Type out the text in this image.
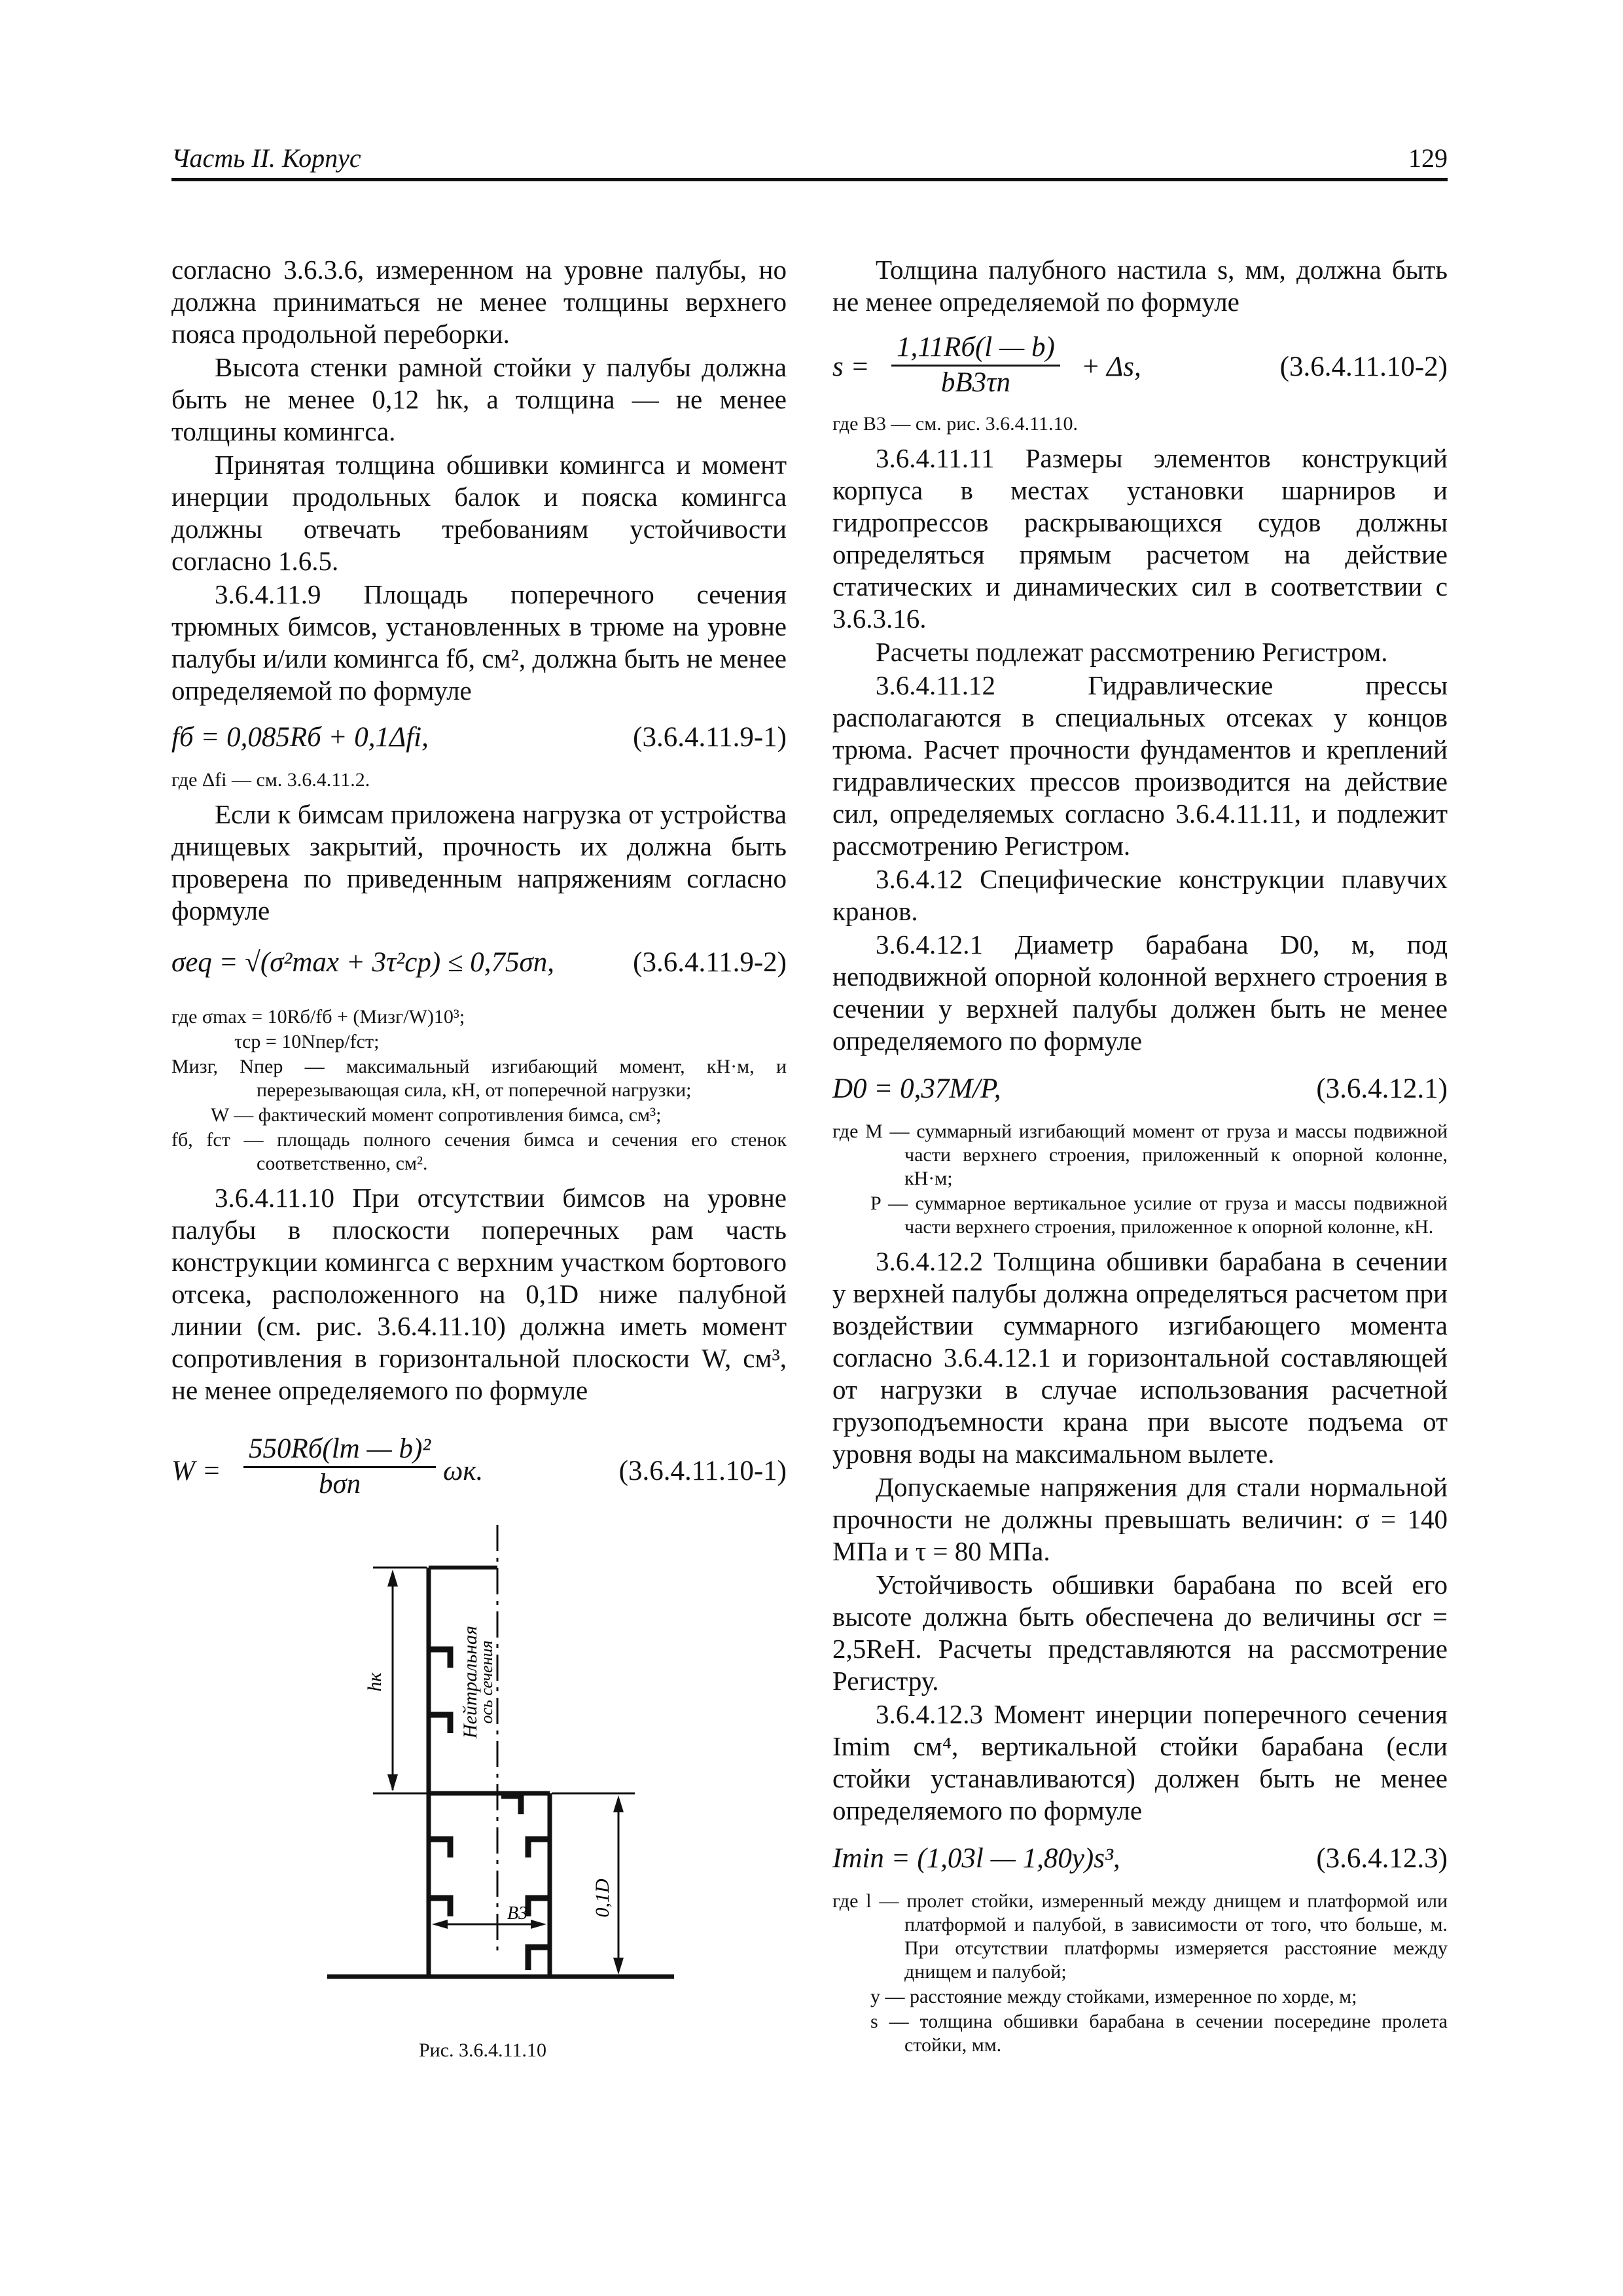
Часть II. Корпус	129

согласно 3.6.3.6, измеренном на уровне палубы, но должна приниматься не менее толщины верхнего пояса продольной переборки.

Высота стенки рамной стойки у палубы должна быть не менее 0,12 hк, а толщина — не менее толщины комингса.

Принятая толщина обшивки комингса и момент инерции продольных балок и пояска комингса должны отвечать требованиям устойчивости согласно 1.6.5.

3.6.4.11.9 Площадь поперечного сечения трюмных бимсов, установленных в трюме на уровне палубы и/или комингса fб, см², должна быть не менее определяемой по формуле

fб = 0,085Rб + 0,1Δfi,	(3.6.4.11.9-1)

где Δfi — см. 3.6.4.11.2.

Если к бимсам приложена нагрузка от устройства днищевых закрытий, прочность их должна быть проверена по приведенным напряжениям согласно формуле

σeq = √(σ²max + 3τ²ср) ≤ 0,75σn,	(3.6.4.11.9-2)

где σmax = 10Rб/fб + (Mизг/W)10³;

τср = 10Nпер/fст;

Mизг, Nпер — максимальный изгибающий момент, кН·м, и перерезывающая сила, кН, от поперечной нагрузки;

W — фактический момент сопротивления бимса, см³;

fб, fст — площадь полного сечения бимса и сечения его стенок соответственно, см².

3.6.4.11.10 При отсутствии бимсов на уровне палубы в плоскости поперечных рам часть конструкции комингса с верхним участком бортового отсека, расположенного на 0,1D ниже палубной линии (см. рис. 3.6.4.11.10) должна иметь момент сопротивления в горизонтальной плоскости W, см³, не менее определяемого по формуле

W =
550Rб(lт — b)²
bσn	ωк.	(3.6.4.11.10-1)
hк	Нейтральная
ось сечения
B3	0,1D
Рис. 3.6.4.11.10

Толщина палубного настила s, мм, должна быть не менее определяемой по формуле

s =
1,11Rб(l — b)
bB3τn
+ Δs,	(3.6.4.11.10-2)

где B3 — см. рис. 3.6.4.11.10.

3.6.4.11.11 Размеры элементов конструкций корпуса в местах установки шарниров и гидропрессов раскрывающихся судов должны определяться прямым расчетом на действие статических и динамических сил в соответствии с 3.6.3.16.

Расчеты подлежат рассмотрению Регистром.

3.6.4.11.12 Гидравлические прессы располагаются в специальных отсеках у концов трюма. Расчет прочности фундаментов и креплений гидравлических прессов производится на действие сил, определяемых согласно 3.6.4.11.11, и подлежит рассмотрению Регистром.

3.6.4.12 Специфические конструкции плавучих кранов.

3.6.4.12.1 Диаметр барабана D0, м, под неподвижной опорной колонной верхнего строения в сечении у верхней палубы должен быть не менее определяемого по формуле

D0 = 0,37M/P,	(3.6.4.12.1)

где M — суммарный изгибающий момент от груза и массы подвижной части верхнего строения, приложенный к опорной колонне, кН·м;

P — суммарное вертикальное усилие от груза и массы подвижной части верхнего строения, приложенное к опорной колонне, кН.

3.6.4.12.2 Толщина обшивки барабана в сечении у верхней палубы должна определяться расчетом при воздействии суммарного изгибающего момента согласно 3.6.4.12.1 и горизонтальной составляющей от нагрузки в случае использования расчетной грузоподъемности крана при высоте подъема от уровня воды на максимальном вылете.

Допускаемые напряжения для стали нормальной прочности не должны превышать величин: σ = 140 МПа и τ = 80 МПа.

Устойчивость обшивки барабана по всей его высоте должна быть обеспечена до величины σcr = 2,5ReH. Расчеты представляются на рассмотрение Регистру.

3.6.4.12.3 Момент инерции поперечного сечения Imim см⁴, вертикальной стойки барабана (если стойки устанавливаются) должен быть не менее определяемого по формуле

Imin = (1,03l — 1,80y)s³,	(3.6.4.12.3)

где l — пролет стойки, измеренный между днищем и платформой или платформой и палубой, в зависимости от того, что больше, м. При отсутствии платформы измеряется расстояние между днищем и палубой;

y — расстояние между стойками, измеренное по хорде, м;

s — толщина обшивки барабана в сечении посередине пролета стойки, мм.
